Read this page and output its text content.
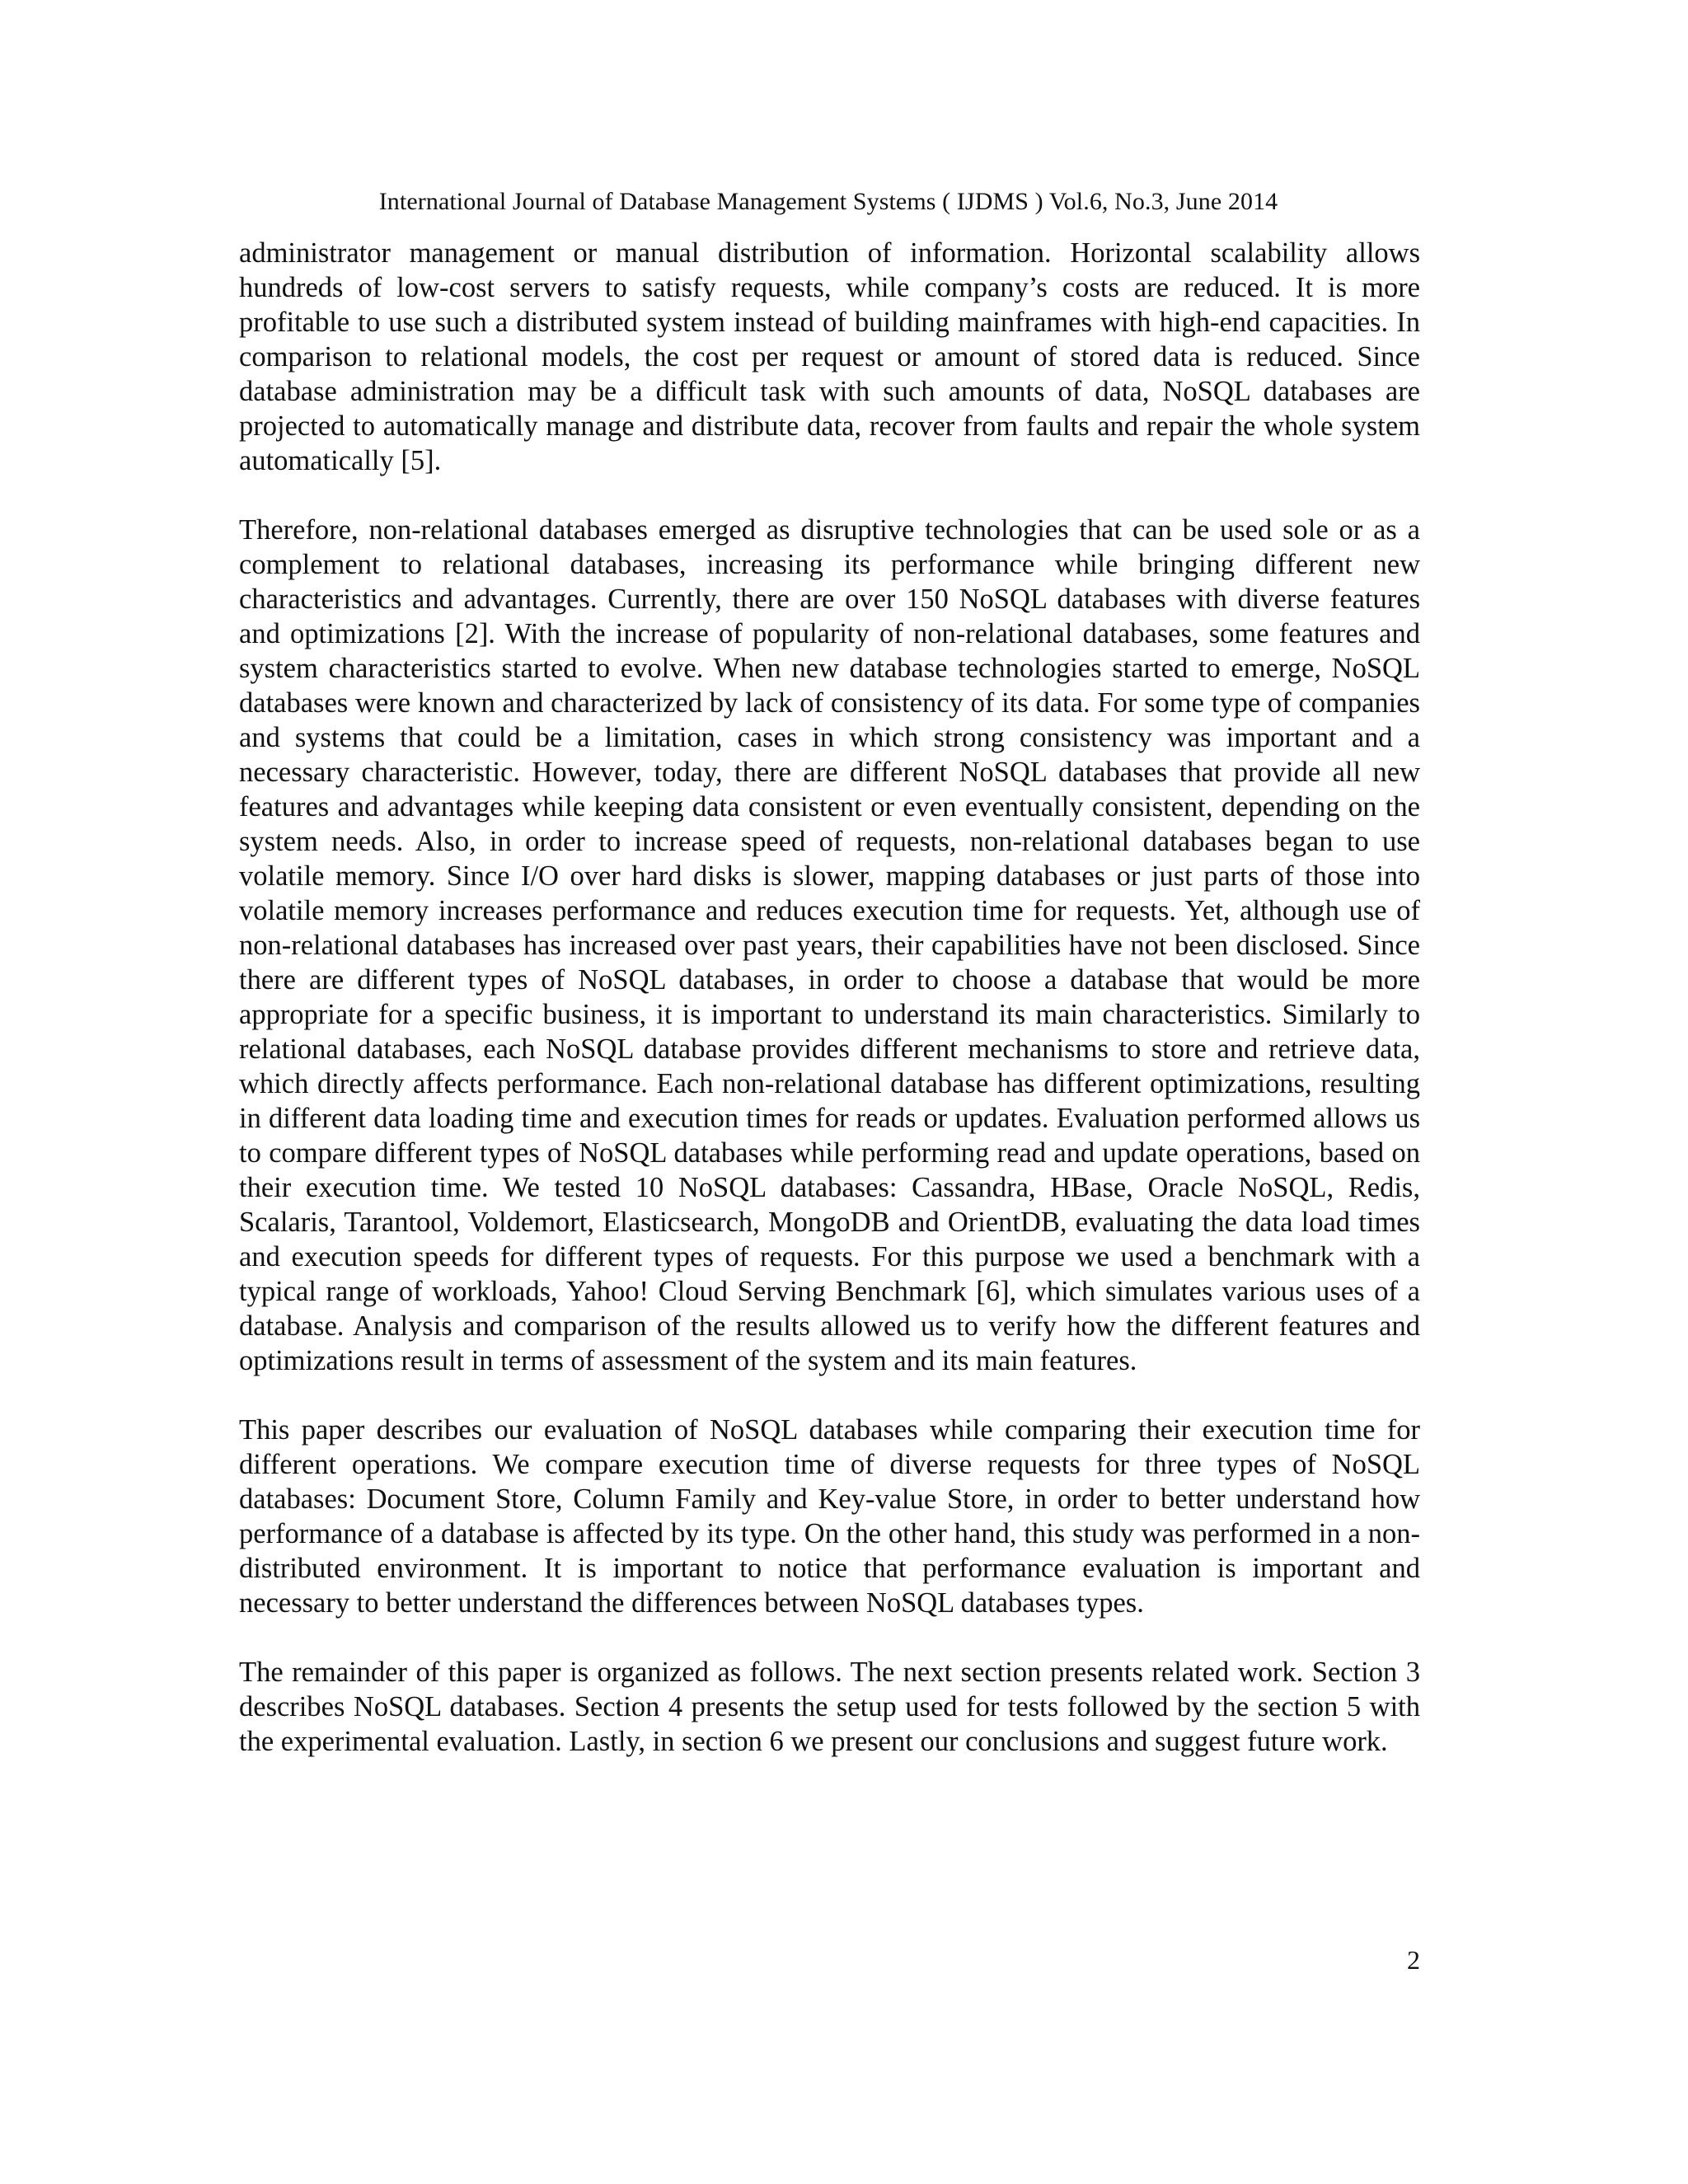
International Journal of Database Management Systems ( IJDMS ) Vol.6, No.3, June 2014

administrator management or manual distribution of information. Horizontal scalability allows hundreds of low-cost servers to satisfy requests, while company’s costs are reduced. It is more profitable to use such a distributed system instead of building mainframes with high-end capacities. In comparison to relational models, the cost per request or amount of stored data is reduced. Since database administration may be a difficult task with such amounts of data, NoSQL databases are projected to automatically manage and distribute data, recover from faults and repair the whole system automatically [5].

Therefore, non-relational databases emerged as disruptive technologies that can be used sole or as a complement to relational databases, increasing its performance while bringing different new characteristics and advantages. Currently, there are over 150 NoSQL databases with diverse features and optimizations [2]. With the increase of popularity of non-relational databases, some features and system characteristics started to evolve. When new database technologies started to emerge, NoSQL databases were known and characterized by lack of consistency of its data. For some type of companies and systems that could be a limitation, cases in which strong consistency was important and a necessary characteristic. However, today, there are different NoSQL databases that provide all new features and advantages while keeping data consistent or even eventually consistent, depending on the system needs. Also, in order to increase speed of requests, non-relational databases began to use volatile memory. Since I/O over hard disks is slower, mapping databases or just parts of those into volatile memory increases performance and reduces execution time for requests. Yet, although use of non-relational databases has increased over past years, their capabilities have not been disclosed. Since there are different types of NoSQL databases, in order to choose a database that would be more appropriate for a specific business, it is important to understand its main characteristics. Similarly to relational databases, each NoSQL database provides different mechanisms to store and retrieve data, which directly affects performance. Each non-relational database has different optimizations, resulting in different data loading time and execution times for reads or updates. Evaluation performed allows us to compare different types of NoSQL databases while performing read and update operations, based on their execution time. We tested 10 NoSQL databases: Cassandra, HBase, Oracle NoSQL, Redis, Scalaris, Tarantool, Voldemort, Elasticsearch, MongoDB and OrientDB, evaluating the data load times and execution speeds for different types of requests. For this purpose we used a benchmark with a typical range of workloads, Yahoo! Cloud Serving Benchmark [6], which simulates various uses of a database. Analysis and comparison of the results allowed us to verify how the different features and optimizations result in terms of assessment of the system and its main features.

This paper describes our evaluation of NoSQL databases while comparing their execution time for different operations. We compare execution time of diverse requests for three types of NoSQL databases: Document Store, Column Family and Key-value Store, in order to better understand how performance of a database is affected by its type. On the other hand, this study was performed in a non-distributed environment. It is important to notice that performance evaluation is important and necessary to better understand the differences between NoSQL databases types.

The remainder of this paper is organized as follows. The next section presents related work. Section 3 describes NoSQL databases. Section 4 presents the setup used for tests followed by the section 5 with the experimental evaluation. Lastly, in section 6 we present our conclusions and suggest future work.

2
